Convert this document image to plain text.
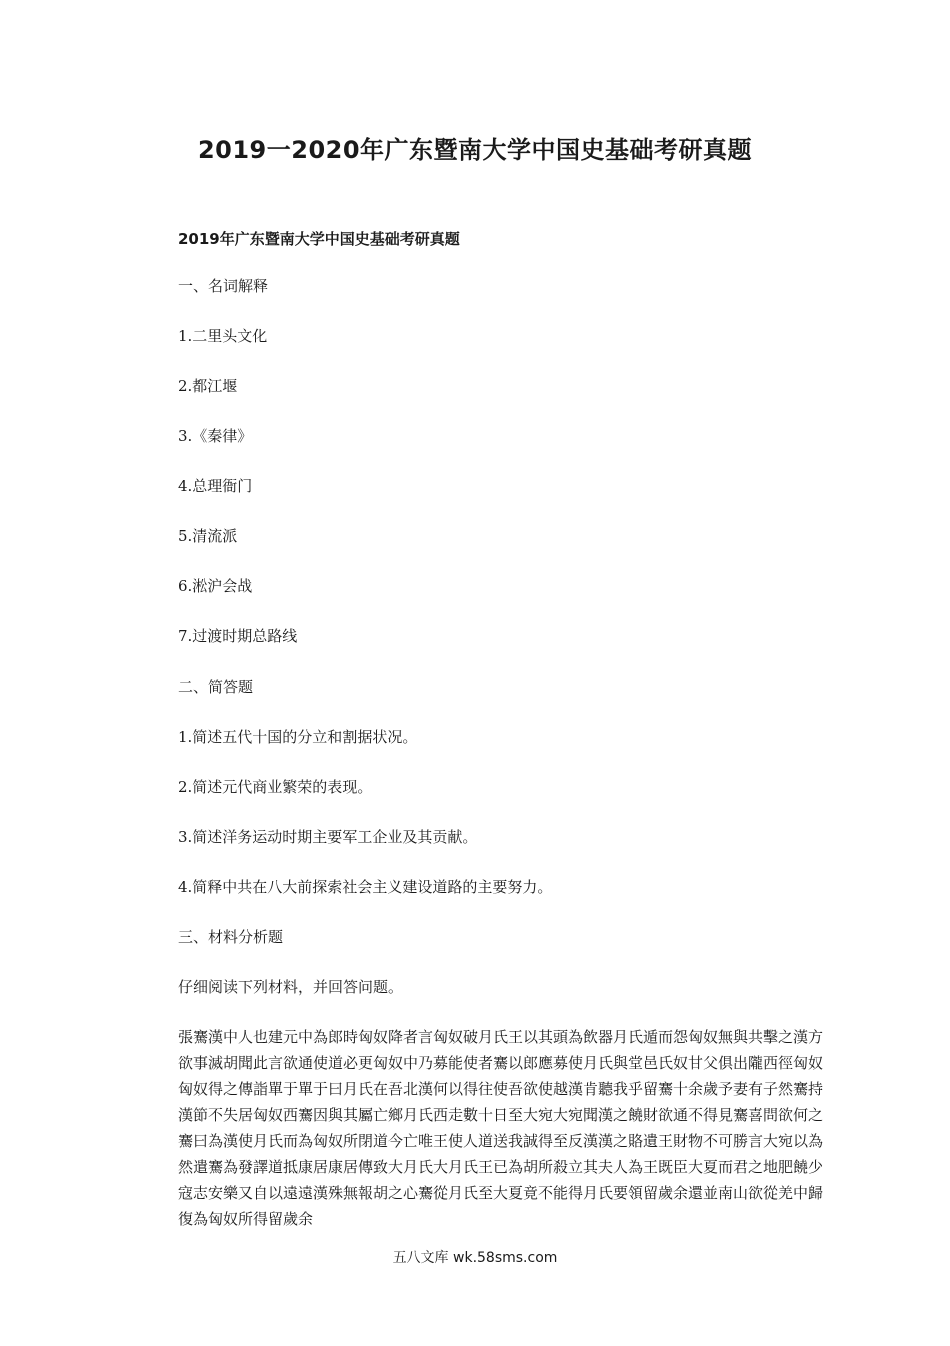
2019一2020年广东暨南大学中国史基础考研真题
2019年广东暨南大学中国史基础考研真题
一、名词解释
1.二里头文化
2.都江堰
3.《秦律》
4.总理衙门
5.清流派
6.淞沪会战
7.过渡时期总路线
二、简答题
1.简述五代十国的分立和割据状况。
2.简述元代商业繁荣的表现。
3.简述洋务运动时期主要军工企业及其贡献。
4.简释中共在八大前探索社会主义建设道路的主要努力。
三、材料分析题
仔细阅读下列材料，并回答问题。
張騫漢中人也建元中為郎時匈奴降者言匈奴破月氏王以其頭為飲器月氏遁而怨匈奴無與共擊之漢方欲事滅胡聞此言欲通使道必更匈奴中乃募能使者騫以郎應募使月氏與堂邑氏奴甘父俱出隴西徑匈奴匈奴得之傳詣單于單于曰月氏在吾北漢何以得往使吾欲使越漢肯聽我乎留騫十余歲予妻有子然騫持漢節不失居匈奴西騫因與其屬亡鄉月氏西走數十日至大宛大宛聞漢之饒財欲通不得見騫喜問欲何之騫曰為漢使月氏而為匈奴所閉道今亡唯王使人道送我誠得至反漢漢之賂遺王財物不可勝言大宛以為然遣騫為發譯道抵康居康居傳致大月氏大月氏王已為胡所殺立其夫人為王既臣大夏而君之地肥饒少寇志安樂又自以遠遠漢殊無報胡之心騫從月氏至大夏竟不能得月氏要領留歲余還並南山欲從羌中歸復為匈奴所得留歲余
五八文库 wk.58sms.com
